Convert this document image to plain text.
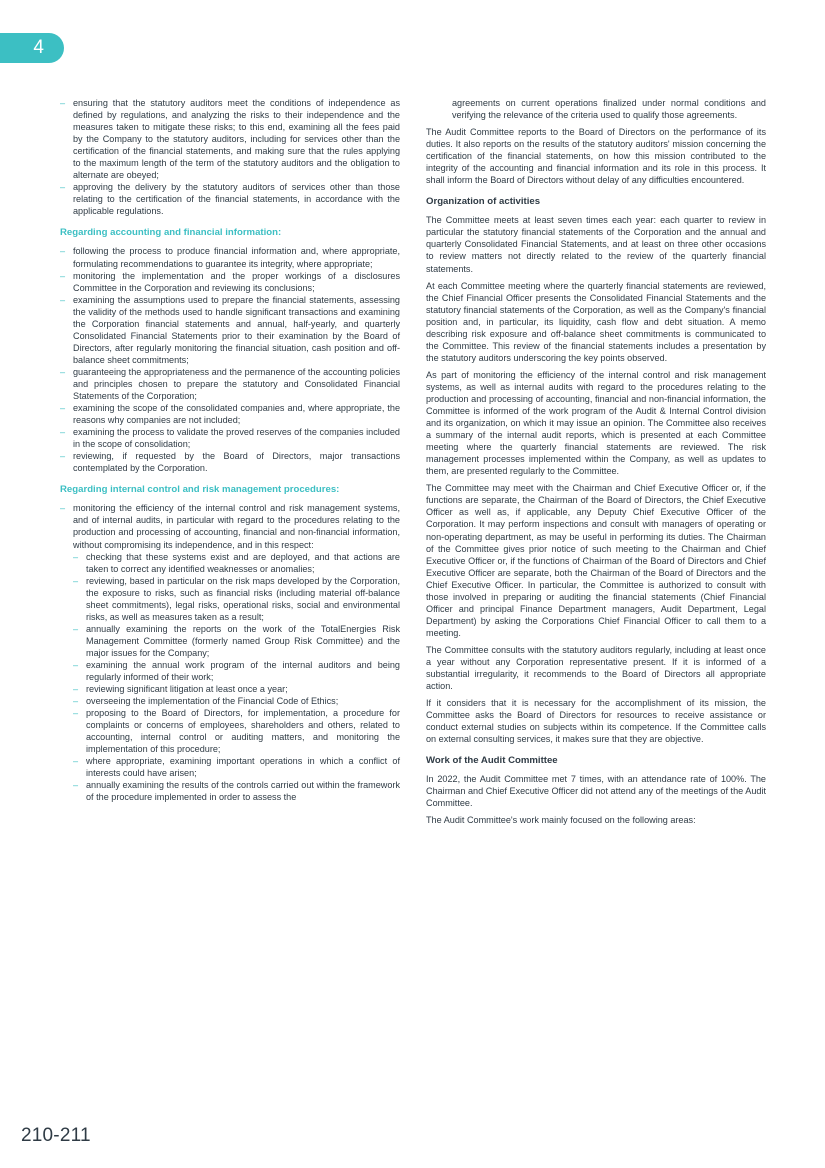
4
– ensuring that the statutory auditors meet the conditions of independence as defined by regulations, and analyzing the risks to their independence and the measures taken to mitigate these risks; to this end, examining all the fees paid by the Company to the statutory auditors, including for services other than the certification of the financial statements, and making sure that the rules applying to the maximum length of the term of the statutory auditors and the obligation to alternate are obeyed;
– approving the delivery by the statutory auditors of services other than those relating to the certification of the financial statements, in accordance with the applicable regulations.
Regarding accounting and financial information:
– following the process to produce financial information and, where appropriate, formulating recommendations to guarantee its integrity, where appropriate;
– monitoring the implementation and the proper workings of a disclosures Committee in the Corporation and reviewing its conclusions;
– examining the assumptions used to prepare the financial statements, assessing the validity of the methods used to handle significant transactions and examining the Corporation financial statements and annual, half-yearly, and quarterly Consolidated Financial Statements prior to their examination by the Board of Directors, after regularly monitoring the financial situation, cash position and off-balance sheet commitments;
– guaranteeing the appropriateness and the permanence of the accounting policies and principles chosen to prepare the statutory and Consolidated Financial Statements of the Corporation;
– examining the scope of the consolidated companies and, where appropriate, the reasons why companies are not included;
– examining the process to validate the proved reserves of the companies included in the scope of consolidation;
– reviewing, if requested by the Board of Directors, major transactions contemplated by the Corporation.
Regarding internal control and risk management procedures:
– monitoring the efficiency of the internal control and risk management systems, and of internal audits, in particular with regard to the procedures relating to the production and processing of accounting, financial and non-financial information, without compromising its independence, and in this respect:
– checking that these systems exist and are deployed, and that actions are taken to correct any identified weaknesses or anomalies;
– reviewing, based in particular on the risk maps developed by the Corporation, the exposure to risks, such as financial risks (including material off-balance sheet commitments), legal risks, operational risks, social and environmental risks, as well as measures taken as a result;
– annually examining the reports on the work of the TotalEnergies Risk Management Committee (formerly named Group Risk Committee) and the major issues for the Company;
– examining the annual work program of the internal auditors and being regularly informed of their work;
– reviewing significant litigation at least once a year;
– overseeing the implementation of the Financial Code of Ethics;
– proposing to the Board of Directors, for implementation, a procedure for complaints or concerns of employees, shareholders and others, related to accounting, internal control or auditing matters, and monitoring the implementation of this procedure;
– where appropriate, examining important operations in which a conflict of interests could have arisen;
– annually examining the results of the controls carried out within the framework of the procedure implemented in order to assess the
agreements on current operations finalized under normal conditions and verifying the relevance of the criteria used to qualify those agreements.

The Audit Committee reports to the Board of Directors on the performance of its duties. It also reports on the results of the statutory auditors' mission concerning the certification of the financial statements, on how this mission contributed to the integrity of the accounting and financial information and its role in this process. It shall inform the Board of Directors without delay of any difficulties encountered.

Organization of activities

The Committee meets at least seven times each year: each quarter to review in particular the statutory financial statements of the Corporation and the annual and quarterly Consolidated Financial Statements, and at least on three other occasions to review matters not directly related to the review of the quarterly financial statements.

At each Committee meeting where the quarterly financial statements are reviewed, the Chief Financial Officer presents the Consolidated Financial Statements and the statutory financial statements of the Corporation, as well as the Company's financial position and, in particular, its liquidity, cash flow and debt situation. A memo describing risk exposure and off-balance sheet commitments is communicated to the Committee. This review of the financial statements includes a presentation by the statutory auditors underscoring the key points observed.

As part of monitoring the efficiency of the internal control and risk management systems, as well as internal audits with regard to the procedures relating to the production and processing of accounting, financial and non-financial information, the Committee is informed of the work program of the Audit & Internal Control division and its organization, on which it may issue an opinion. The Committee also receives a summary of the internal audit reports, which is presented at each Committee meeting where the quarterly financial statements are reviewed. The risk management processes implemented within the Company, as well as updates to them, are presented regularly to the Committee.

The Committee may meet with the Chairman and Chief Executive Officer or, if the functions are separate, the Chairman of the Board of Directors, the Chief Executive Officer as well as, if applicable, any Deputy Chief Executive Officer of the Corporation. It may perform inspections and consult with managers of operating or non-operating department, as may be useful in performing its duties. The Chairman of the Committee gives prior notice of such meeting to the Chairman and Chief Executive Officer or, if the functions of Chairman of the Board of Directors and Chief Executive Officer are separate, both the Chairman of the Board of Directors and the Chief Executive Officer. In particular, the Committee is authorized to consult with those involved in preparing or auditing the financial statements (Chief Financial Officer and principal Finance Department managers, Audit Department, Legal Department) by asking the Corporations Chief Financial Officer to call them to a meeting.

The Committee consults with the statutory auditors regularly, including at least once a year without any Corporation representative present. If it is informed of a substantial irregularity, it recommends to the Board of Directors all appropriate action.

If it considers that it is necessary for the accomplishment of its mission, the Committee asks the Board of Directors for resources to receive assistance or conduct external studies on subjects within its competence. If the Committee calls on external consulting services, it makes sure that they are objective.

Work of the Audit Committee

In 2022, the Audit Committee met 7 times, with an attendance rate of 100%. The Chairman and Chief Executive Officer did not attend any of the meetings of the Audit Committee.

The Audit Committee's work mainly focused on the following areas:

210-211
